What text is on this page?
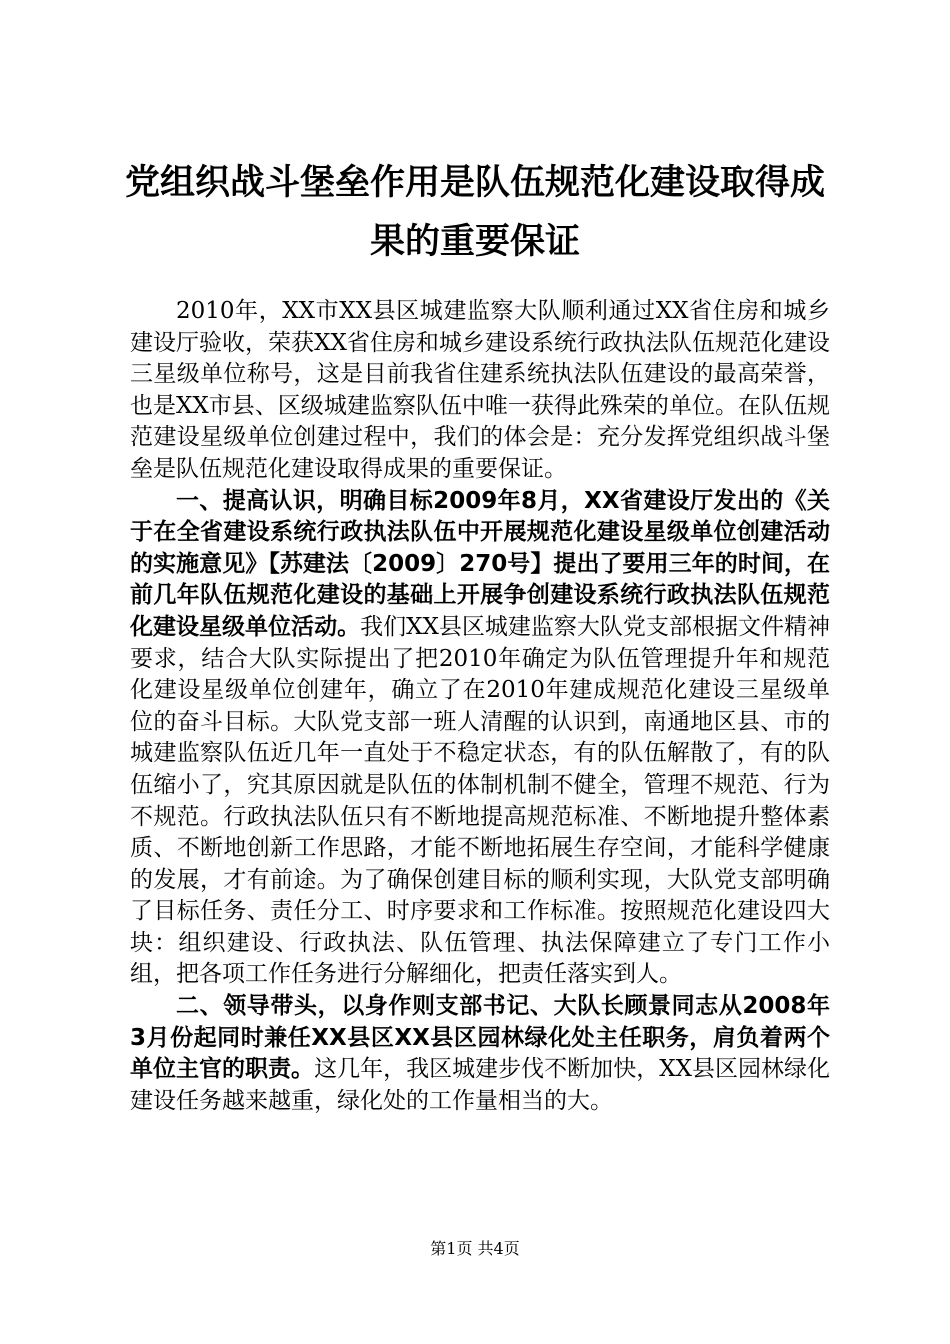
党组织战斗堡垒作用是队伍规范化建设取得成
果的重要保证

2010年，XX市XX县区城建监察大队顺利通过XX省住房和城乡建设厅验收，荣获XX省住房和城乡建设系统行政执法队伍规范化建设三星级单位称号，这是目前我省住建系统执法队伍建设的最高荣誉，也是XX市县、区级城建监察队伍中唯一获得此殊荣的单位。在队伍规范建设星级单位创建过程中，我们的体会是：充分发挥党组织战斗堡垒是队伍规范化建设取得成果的重要保证。

一、提高认识，明确目标2009年8月，XX省建设厅发出的《关于在全省建设系统行政执法队伍中开展规范化建设星级单位创建活动的实施意见》【苏建法〔2009〕270号】提出了要用三年的时间，在前几年队伍规范化建设的基础上开展争创建设系统行政执法队伍规范化建设星级单位活动。我们XX县区城建监察大队党支部根据文件精神要求，结合大队实际提出了把2010年确定为队伍管理提升年和规范化建设星级单位创建年，确立了在2010年建成规范化建设三星级单位的奋斗目标。大队党支部一班人清醒的认识到，南通地区县、市的城建监察队伍近几年一直处于不稳定状态，有的队伍解散了，有的队伍缩小了，究其原因就是队伍的体制机制不健全，管理不规范、行为不规范。行政执法队伍只有不断地提高规范标准、不断地提升整体素质、不断地创新工作思路，才能不断地拓展生存空间，才能科学健康的发展，才有前途。为了确保创建目标的顺利实现，大队党支部明确了目标任务、责任分工、时序要求和工作标准。按照规范化建设四大块：组织建设、行政执法、队伍管理、执法保障建立了专门工作小组，把各项工作任务进行分解细化，把责任落实到人。

二、领导带头，以身作则支部书记、大队长顾景同志从2008年3月份起同时兼任XX县区XX县区园林绿化处主任职务，肩负着两个单位主官的职责。这几年，我区城建步伐不断加快，XX县区园林绿化建设任务越来越重，绿化处的工作量相当的大。

第1页 共4页
